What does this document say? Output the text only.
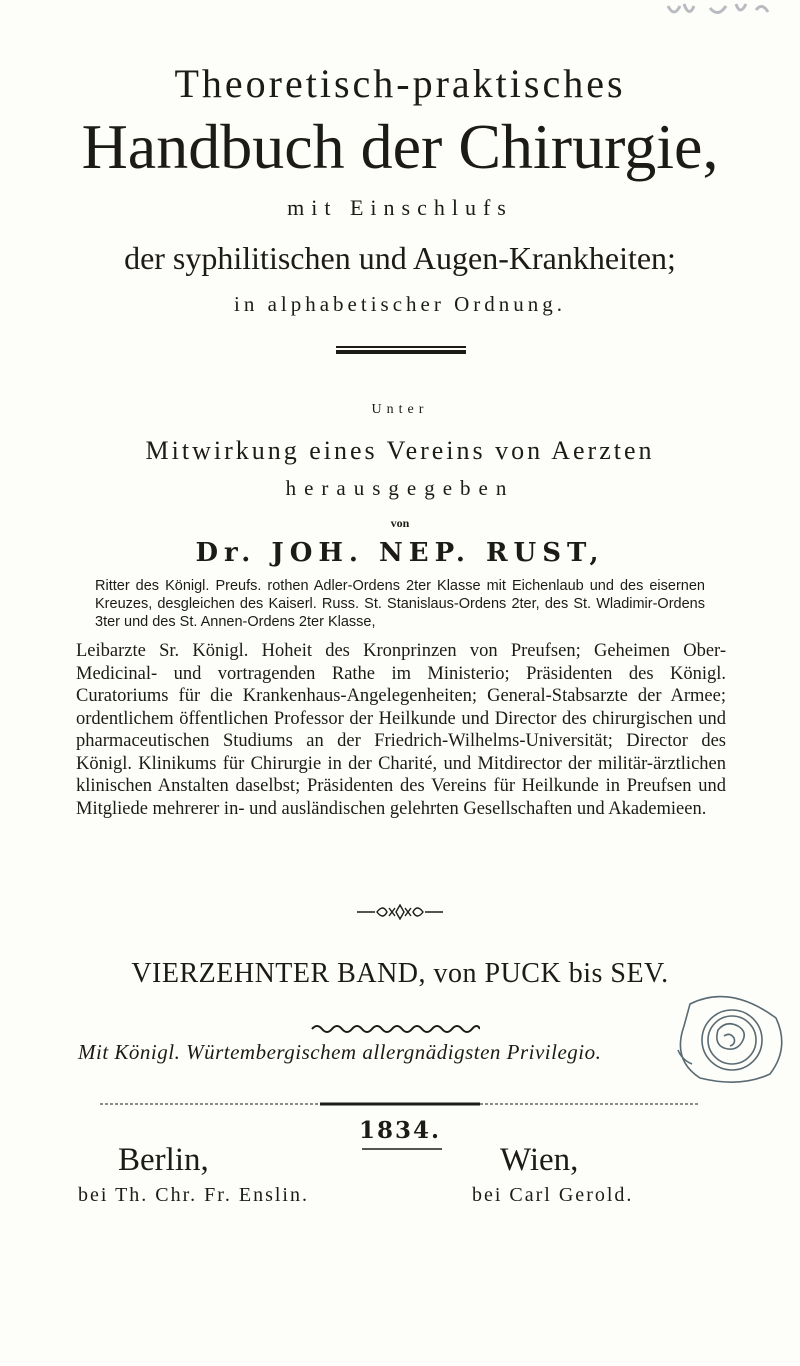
Theoretisch-praktisches
Handbuch der Chirurgie,
mit Einschlufs
der syphilitischen und Augen-Krankheiten;
in alphabetischer Ordnung.
Unter
Mitwirkung eines Vereins von Aerzten
herausgegeben
von
Dr. JOH. NEP. RUST,
Ritter des Königl. Preufs. rothen Adler-Ordens 2ter Klasse mit Eichenlaub und des eisernen Kreuzes, desgleichen des Kaiserl. Russ. St. Stanislaus-Ordens 2ter, des St. Wladimir-Ordens 3ter und des St. Annen-Ordens 2ter Klasse,
Leibarzte Sr. Königl. Hoheit des Kronprinzen von Preufsen; Geheimen Ober-Medicinal- und vortragenden Rathe im Ministerio; Präsidenten des Königl. Curatoriums für die Krankenhaus-Angelegenheiten; General-Stabsarzte der Armee; ordentlichem öffentlichen Professor der Heilkunde und Director des chirurgischen und pharmaceutischen Studiums an der Friedrich-Wilhelms-Universität; Director des Königl. Klinikums für Chirurgie in der Charité, und Mitdirector der militär-ärztlichen klinischen Anstalten daselbst; Präsidenten des Vereins für Heilkunde in Preufsen und Mitgliede mehrerer in- und ausländischen gelehrten Gesellschaften und Akademieen.
VIERZEHNTER BAND, von PUCK bis SEV.
Mit Königl. Würtembergischem allergnädigsten Privilegio.
1834.
Berlin,	Wien,
bei Th. Chr. Fr. Enslin.	bei Carl Gerold.
